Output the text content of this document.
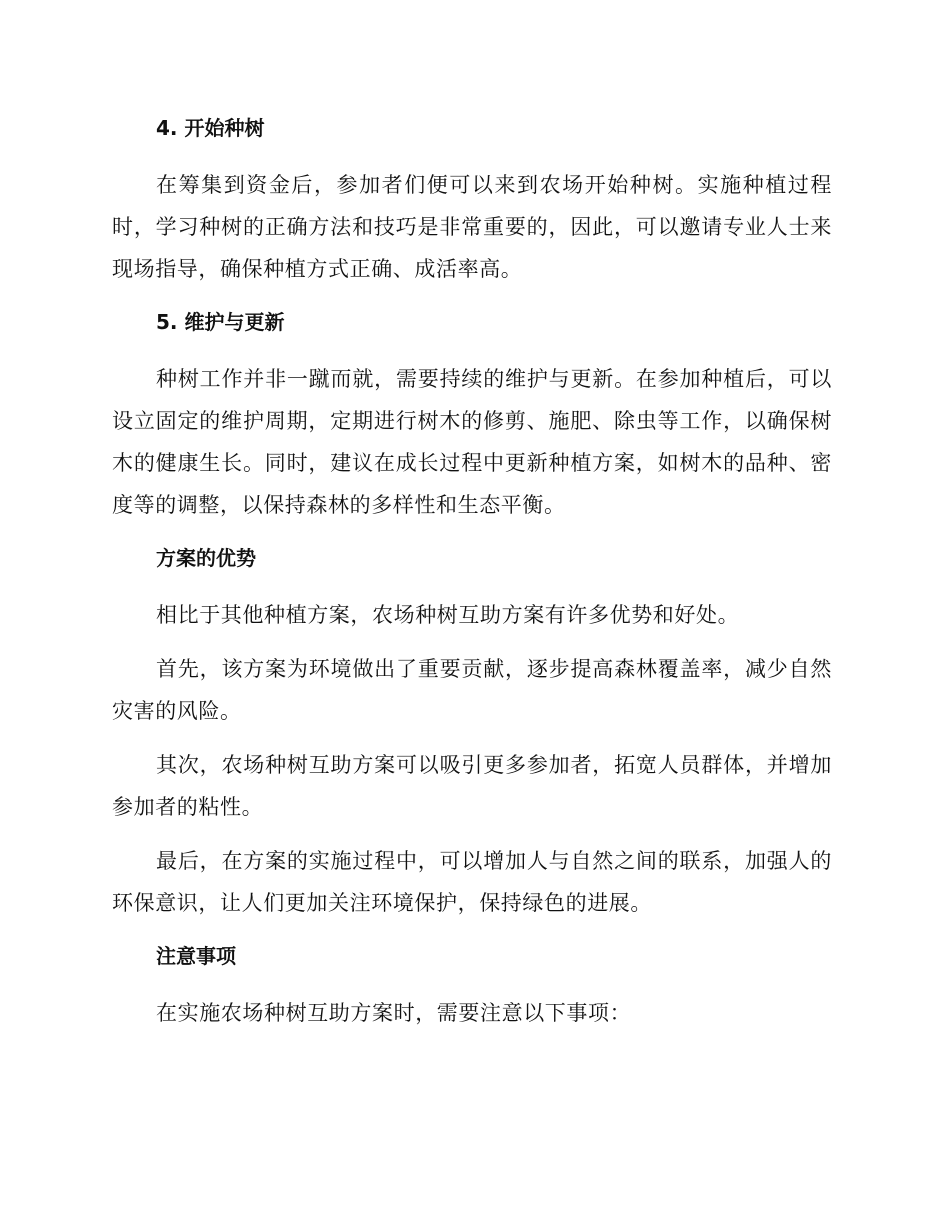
4. 开始种树

在筹集到资金后，参加者们便可以来到农场开始种树。实施种植过程时，学习种树的正确方法和技巧是非常重要的，因此，可以邀请专业人士来现场指导，确保种植方式正确、成活率高。

5. 维护与更新

种树工作并非一蹴而就，需要持续的维护与更新。在参加种植后，可以设立固定的维护周期，定期进行树木的修剪、施肥、除虫等工作，以确保树木的健康生长。同时，建议在成长过程中更新种植方案，如树木的品种、密度等的调整，以保持森林的多样性和生态平衡。

方案的优势

相比于其他种植方案，农场种树互助方案有许多优势和好处。

首先，该方案为环境做出了重要贡献，逐步提高森林覆盖率，减少自然灾害的风险。

其次，农场种树互助方案可以吸引更多参加者，拓宽人员群体，并增加参加者的粘性。

最后，在方案的实施过程中，可以增加人与自然之间的联系，加强人的环保意识，让人们更加关注环境保护，保持绿色的进展。

注意事项

在实施农场种树互助方案时，需要注意以下事项：
